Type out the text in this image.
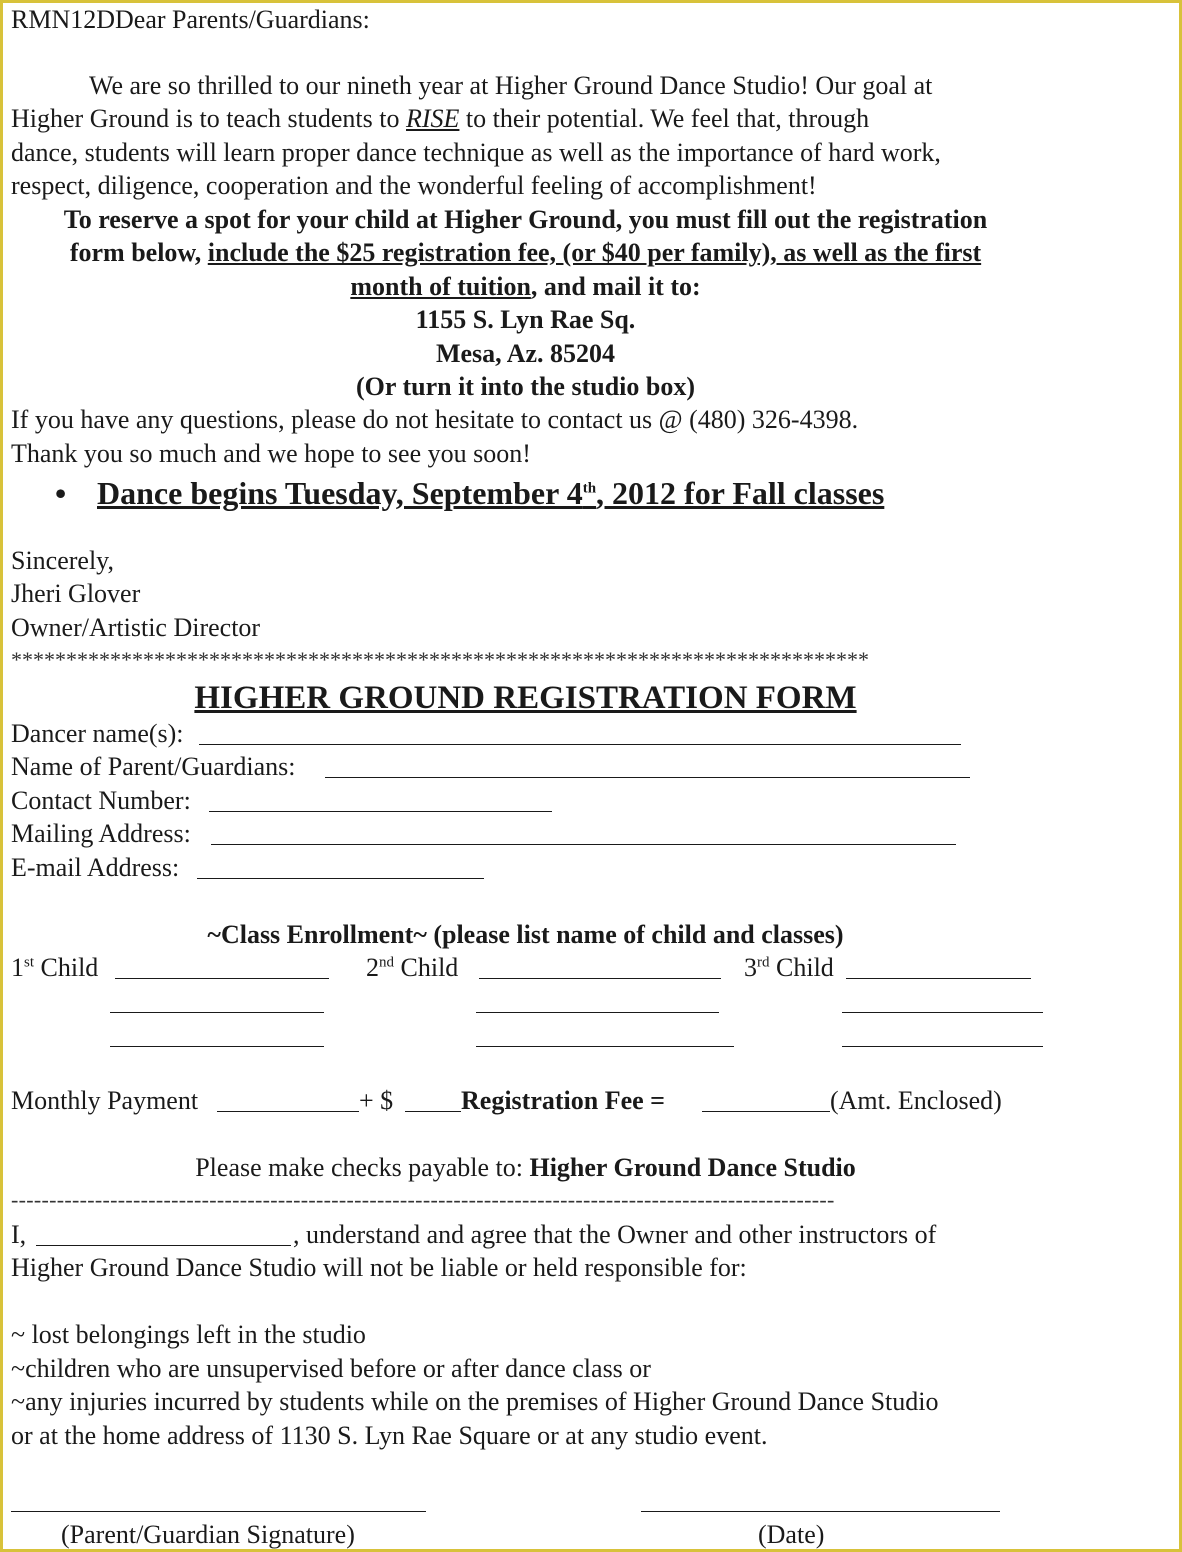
RMN12DDear Parents/Guardians:
We are so thrilled to our nineth year at Higher Ground Dance Studio! Our goal at
Higher Ground is to teach students to RISE to their potential. We feel that, through
dance, students will learn proper dance technique as well as the importance of hard work,
respect, diligence, cooperation and the wonderful feeling of accomplishment!
To reserve a spot for your child at Higher Ground, you must fill out the registration
form below, include the $25 registration fee, (or $40 per family), as well as the first
month of tuition, and mail it to:
1155 S. Lyn Rae Sq.
Mesa, Az. 85204
(Or turn it into the studio box)
If you have any questions, please do not hesitate to contact us @ (480) 326-4398.
Thank you so much and we hope to see you soon!
• Dance begins Tuesday, September 4th, 2012 for Fall classes
Sincerely,
Jheri Glover
Owner/Artistic Director
******************************************************************************
HIGHER GROUND REGISTRATION FORM
Dancer name(s):
Name of Parent/Guardians:
Contact Number:
Mailing Address:
E-mail Address:
~Class Enrollment~ (please list name of child and classes)
1st Child	2nd Child	3rd Child
Monthly Payment	+ $	Registration Fee =	(Amt. Enclosed)
Please make checks payable to: Higher Ground Dance Studio
------------------------------------------------------------------------------------------------------------
I,	, understand and agree that the Owner and other instructors of
Higher Ground Dance Studio will not be liable or held responsible for:
~ lost belongings left in the studio
~children who are unsupervised before or after dance class or
~any injuries incurred by students while on the premises of Higher Ground Dance Studio
or at the home address of 1130 S. Lyn Rae Square or at any studio event.
(Parent/Guardian Signature)	(Date)
